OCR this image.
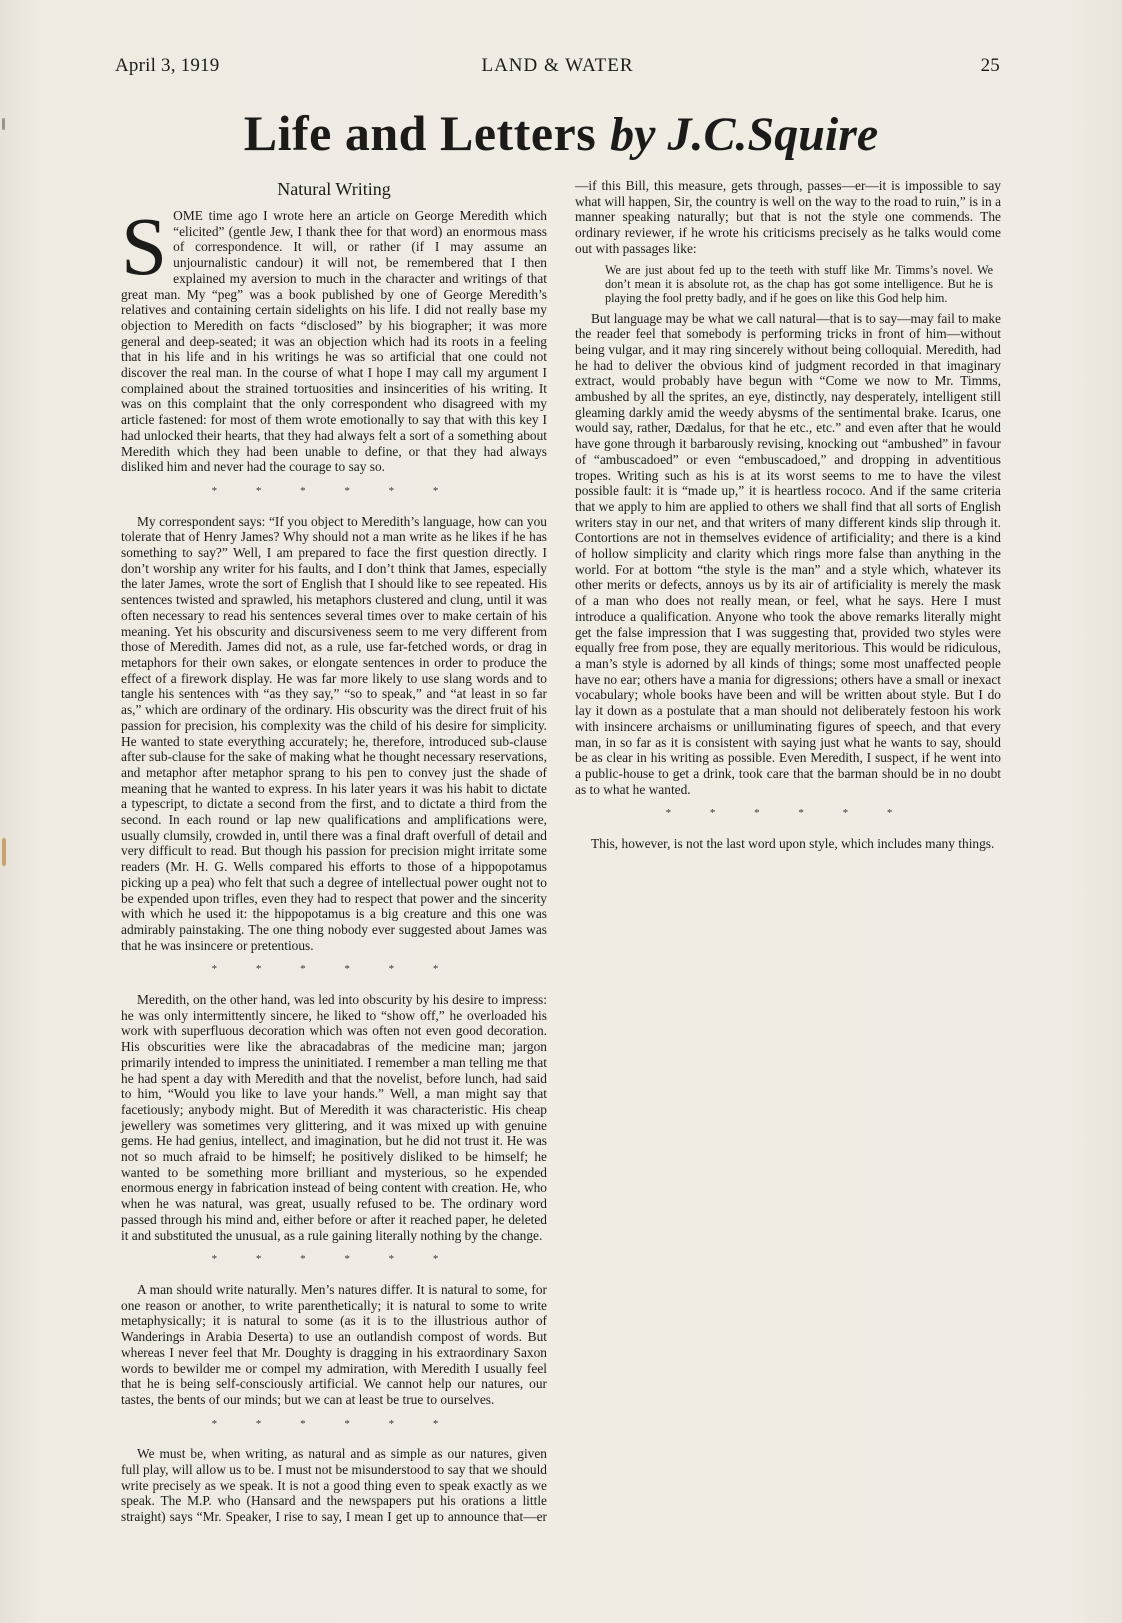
April 3, 1919	LAND & WATER	25
Life and Letters by J.C.Squire
Natural Writing

SOME time ago I wrote here an article on George Meredith which “elicited” (gentle Jew, I thank thee for that word) an enormous mass of correspondence. It will, or rather (if I may assume an unjournalistic candour) it will not, be remembered that I then explained my aversion to much in the character and writings of that great man. My “peg” was a book published by one of George Meredith’s relatives and containing certain sidelights on his life. I did not really base my objection to Meredith on facts “disclosed” by his biographer; it was more general and deep-seated; it was an objection which had its roots in a feeling that in his life and in his writings he was so artificial that one could not discover the real man. In the course of what I hope I may call my argument I complained about the strained tortuosities and insincerities of his writing. It was on this complaint that the only correspondent who disagreed with my article fastened: for most of them wrote emotionally to say that with this key I had unlocked their hearts, that they had always felt a sort of a something about Meredith which they had been unable to define, or that they had always disliked him and never had the courage to say so.

* * * * * *

My correspondent says: “If you object to Meredith’s language, how can you tolerate that of Henry James? Why should not a man write as he likes if he has something to say?” Well, I am prepared to face the first question directly. I don’t worship any writer for his faults, and I don’t think that James, especially the later James, wrote the sort of English that I should like to see repeated. His sentences twisted and sprawled, his metaphors clustered and clung, until it was often necessary to read his sentences several times over to make certain of his meaning. Yet his obscurity and discursiveness seem to me very different from those of Meredith. James did not, as a rule, use far-fetched words, or drag in metaphors for their own sakes, or elongate sentences in order to produce the effect of a firework display. He was far more likely to use slang words and to tangle his sentences with “as they say,” “so to speak,” and “at least in so far as,” which are ordinary of the ordinary. His obscurity was the direct fruit of his passion for precision, his complexity was the child of his desire for simplicity. He wanted to state everything accurately; he, therefore, introduced sub-clause after sub-clause for the sake of making what he thought necessary reservations, and metaphor after metaphor sprang to his pen to convey just the shade of meaning that he wanted to express. In his later years it was his habit to dictate a typescript, to dictate a second from the first, and to dictate a third from the second. In each round or lap new qualifications and amplifications were, usually clumsily, crowded in, until there was a final draft overfull of detail and very difficult to read. But though his passion for precision might irritate some readers (Mr. H. G. Wells compared his efforts to those of a hippopotamus picking up a pea) who felt that such a degree of intellectual power ought not to be expended upon trifles, even they had to respect that power and the sincerity with which he used it: the hippopotamus is a big creature and this one was admirably painstaking. The one thing nobody ever suggested about James was that he was insincere or pretentious.

* * * * * *

Meredith, on the other hand, was led into obscurity by his desire to impress: he was only intermittently sincere, he liked to “show off,” he overloaded his work with superfluous decoration which was often not even good decoration. His obscurities were like the abracadabras of the medicine man; jargon primarily intended to impress the uninitiated. I remember a man telling me that he had spent a day with Meredith and that the novelist, before lunch, had said to him, “Would you like to lave your hands.” Well, a man might say that facetiously; anybody might. But of Meredith it was characteristic. His cheap jewellery was sometimes very glittering, and it was mixed up with genuine gems. He had genius, intellect, and imagination, but he did not trust it. He was not so much afraid to be himself; he positively disliked to be himself; he wanted to be something more brilliant and mysterious, so he expended enormous energy in fabrication instead of being content with creation. He, who when he was natural, was great, usually refused to be. The ordinary word passed through his mind and, either before or after it reached paper, he deleted it and substituted the unusual, as a rule gaining literally nothing by the change.

* * * * * *

A man should write naturally. Men’s natures differ. It is natural to some, for one reason or another, to write parenthetically; it is natural to some to write metaphysically; it is natural to some (as it is to the illustrious author of Wanderings in Arabia Deserta) to use an outlandish compost of words. But whereas I never feel that Mr. Doughty is dragging in his extraordinary Saxon words to bewilder me or compel my admiration, with Meredith I usually feel that he is being self-consciously artificial. We cannot help our natures, our tastes, the bents of our minds; but we can at least be true to ourselves.

* * * * * *

We must be, when writing, as natural and as simple as our natures, given full play, will allow us to be. I must not be misunderstood to say that we should write precisely as we speak. It is not a good thing even to speak exactly as we speak. The M.P. who (Hansard and the newspapers put his orations a little straight) says “Mr. Speaker, I rise to say, I mean I get up to announce that—er—if this Bill, this measure, gets through, passes—er—it is impossible to say what will happen, Sir, the country is well on the way to the road to ruin,” is in a manner speaking naturally; but that is not the style one commends. The ordinary reviewer, if he wrote his criticisms precisely as he talks would come out with passages like:

We are just about fed up to the teeth with stuff like Mr. Timms’s novel. We don’t mean it is absolute rot, as the chap has got some intelligence. But he is playing the fool pretty badly, and if he goes on like this God help him.

But language may be what we call natural—that is to say—may fail to make the reader feel that somebody is performing tricks in front of him—without being vulgar, and it may ring sincerely without being colloquial. Meredith, had he had to deliver the obvious kind of judgment recorded in that imaginary extract, would probably have begun with “Come we now to Mr. Timms, ambushed by all the sprites, an eye, distinctly, nay desperately, intelligent still gleaming darkly amid the weedy abysms of the sentimental brake. Icarus, one would say, rather, Dædalus, for that he etc., etc.” and even after that he would have gone through it barbarously revising, knocking out “ambushed” in favour of “ambuscadoed” or even “embuscadoed,” and dropping in adventitious tropes. Writing such as his is at its worst seems to me to have the vilest possible fault: it is “made up,” it is heartless rococo. And if the same criteria that we apply to him are applied to others we shall find that all sorts of English writers stay in our net, and that writers of many different kinds slip through it. Contortions are not in themselves evidence of artificiality; and there is a kind of hollow simplicity and clarity which rings more false than anything in the world. For at bottom “the style is the man” and a style which, whatever its other merits or defects, annoys us by its air of artificiality is merely the mask of a man who does not really mean, or feel, what he says. Here I must introduce a qualification. Anyone who took the above remarks literally might get the false impression that I was suggesting that, provided two styles were equally free from pose, they are equally meritorious. This would be ridiculous, a man’s style is adorned by all kinds of things; some most unaffected people have no ear; others have a mania for digressions; others have a small or inexact vocabulary; whole books have been and will be written about style. But I do lay it down as a postulate that a man should not deliberately festoon his work with insincere archaisms or unilluminating figures of speech, and that every man, in so far as it is consistent with saying just what he wants to say, should be as clear in his writing as possible. Even Meredith, I suspect, if he went into a public-house to get a drink, took care that the barman should be in no doubt as to what he wanted.

* * * * * *

This, however, is not the last word upon style, which includes many things.
